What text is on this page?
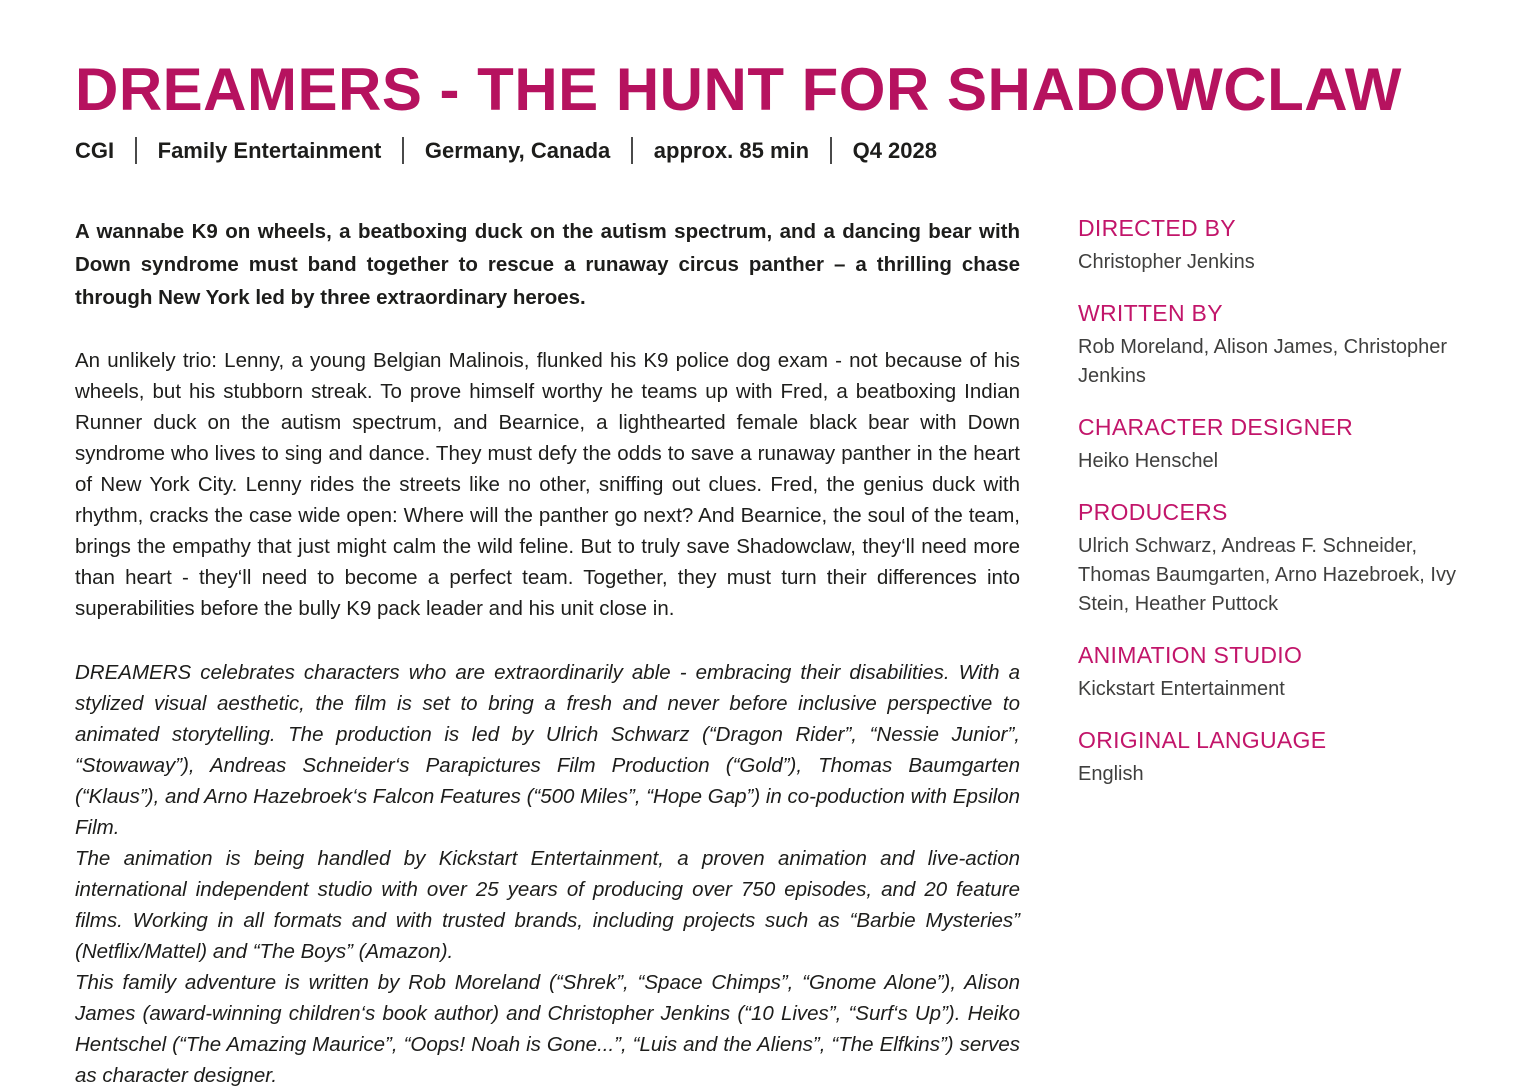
DREAMERS - THE HUNT FOR SHADOWCLAW
CGI Family Entertainment Germany, Canada approx. 85 min Q4 2028
A wannabe K9 on wheels, a beatboxing duck on the autism spectrum, and a dancing bear with Down syndrome must band together to rescue a runaway circus panther – a thrilling chase through New York led by three extraordinary heroes.
An unlikely trio: Lenny, a young Belgian Malinois, flunked his K9 police dog exam - not because of his wheels, but his stubborn streak. To prove himself worthy he teams up with Fred, a beatboxing Indian Runner duck on the autism spectrum, and Bearnice, a lighthearted female black bear with Down syndrome who lives to sing and dance. They must defy the odds to save a runaway panther in the heart of New York City. Lenny rides the streets like no other, sniffing out clues. Fred, the genius duck with rhythm, cracks the case wide open: Where will the panther go next? And Bearnice, the soul of the team, brings the empathy that just might calm the wild feline. But to truly save Shadowclaw, they‘ll need more than heart - they‘ll need to become a perfect team. Together, they must turn their differences into superabilities before the bully K9 pack leader and his unit close in.

DREAMERS celebrates characters who are extraordinarily able - embracing their disabilities. With a stylized visual aesthetic, the film is set to bring a fresh and never before inclusive perspective to animated storytelling. The production is led by Ulrich Schwarz (“Dragon Rider”, “Nessie Junior”, “Stowaway”), Andreas Schneider‘s Parapictures Film Production (“Gold”), Thomas Baumgarten (“Klaus”), and Arno Hazebroek‘s Falcon Features (“500 Miles”, “Hope Gap”) in co-poduction with Epsilon Film.

The animation is being handled by Kickstart Entertainment, a proven animation and live-action international independent studio with over 25 years of producing over 750 episodes, and 20 feature films. Working in all formats and with trusted brands, including projects such as “Barbie Mysteries” (Netflix/Mattel) and “The Boys” (Amazon).

This family adventure is written by Rob Moreland (“Shrek”, “Space Chimps”, “Gnome Alone”), Alison James (award-winning children‘s book author) and Christopher Jenkins (“10 Lives”, “Surf‘s Up”). Heiko Hentschel (“The Amazing Maurice”, “Oops! Noah is Gone...”, “Luis and the Aliens”, “The Elfkins”) serves as character designer.

DIRECTED BY
Christopher Jenkins
WRITTEN BY
Rob Moreland, Alison James, Christopher Jenkins
CHARACTER DESIGNER
Heiko Henschel
PRODUCERS
Ulrich Schwarz, Andreas F. Schneider, Thomas Baumgarten, Arno Hazebroek, Ivy Stein, Heather Puttock
ANIMATION STUDIO
Kickstart Entertainment
ORIGINAL LANGUAGE
English
